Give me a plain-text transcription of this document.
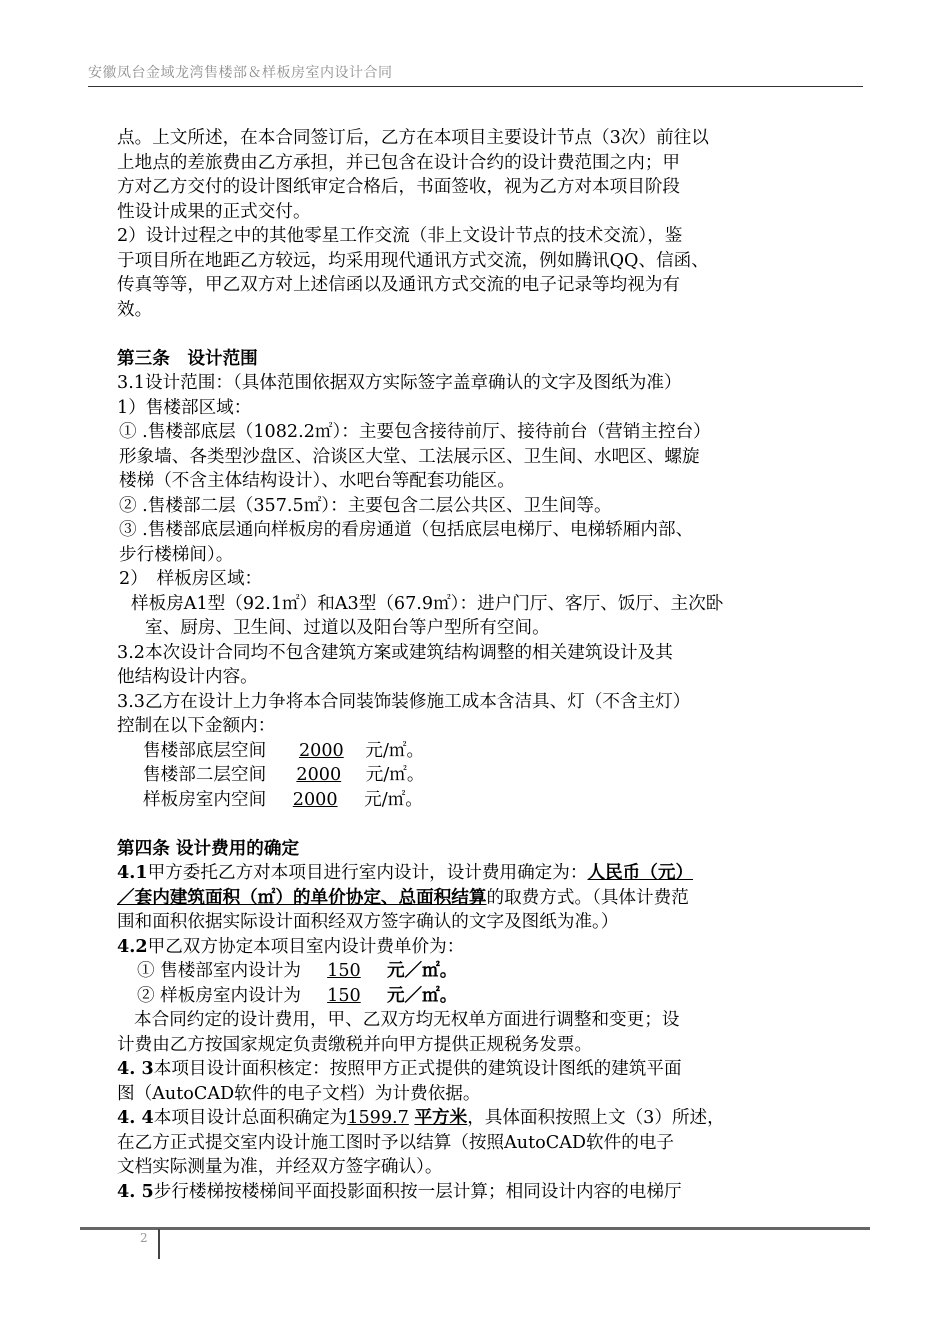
安徽凤台金域龙湾售楼部＆样板房室内设计合同

点。上文所述，在本合同签订后，乙方在本项目主要设计节点（3次）前往以

上地点的差旅费由乙方承担，并已包含在设计合约的设计费范围之内；甲

方对乙方交付的设计图纸审定合格后，书面签收，视为乙方对本项目阶段

性设计成果的正式交付。

2）设计过程之中的其他零星工作交流（非上文设计节点的技术交流），鉴

于项目所在地距乙方较远，均采用现代通讯方式交流，例如腾讯QQ、信函、

传真等等，甲乙双方对上述信函以及通讯方式交流的电子记录等均视为有

效。

第三条　设计范围

3.1设计范围：（具体范围依据双方实际签字盖章确认的文字及图纸为准）

1）售楼部区域：

① .售楼部底层（1082.2㎡）：主要包含接待前厅、接待前台（营销主控台）

形象墙、各类型沙盘区、洽谈区大堂、工法展示区、卫生间、水吧区、螺旋

楼梯（不含主体结构设计）、水吧台等配套功能区。

② .售楼部二层（357.5㎡）：主要包含二层公共区、卫生间等。

③ .售楼部底层通向样板房的看房通道（包括底层电梯厅、电梯轿厢内部、

步行楼梯间）。

2）　样板房区域：

样板房A1型（92.1㎡）和A3型（67.9㎡）：进户门厅、客厅、饭厅、主次卧

室、厨房、卫生间、过道以及阳台等户型所有空间。

3.2本次设计合同均不包含建筑方案或建筑结构调整的相关建筑设计及其

他结构设计内容。

3.3乙方在设计上力争将本合同装饰装修施工成本含洁具、灯（不含主灯）

控制在以下金额内：

售楼部底层空间 2000 元/㎡。

售楼部二层空间 2000 元/㎡。

样板房室内空间 2000 元/㎡。

第四条 设计费用的确定

4.1甲方委托乙方对本项目进行室内设计，设计费用确定为：人民币（元）

／套内建筑面积（㎡）的单价协定、总面积结算的取费方式。（具体计费范

围和面积依据实际设计面积经双方签字确认的文字及图纸为准。）

4.2甲乙双方协定本项目室内设计费单价为：

① 售楼部室内设计为 150 元／㎡。

② 样板房室内设计为 150 元／㎡。

本合同约定的设计费用，甲、乙双方均无权单方面进行调整和变更；设

计费由乙方按国家规定负责缴税并向甲方提供正规税务发票。

4. 3本项目设计面积核定：按照甲方正式提供的建筑设计图纸的建筑平面

图（AutoCAD软件的电子文档）为计费依据。

4. 4本项目设计总面积确定为1599.7 平方米，具体面积按照上文（3）所述，

在乙方正式提交室内设计施工图时予以结算（按照AutoCAD软件的电子

文档实际测量为准，并经双方签字确认）。

4. 5步行楼梯按楼梯间平面投影面积按一层计算；相同设计内容的电梯厅

2
